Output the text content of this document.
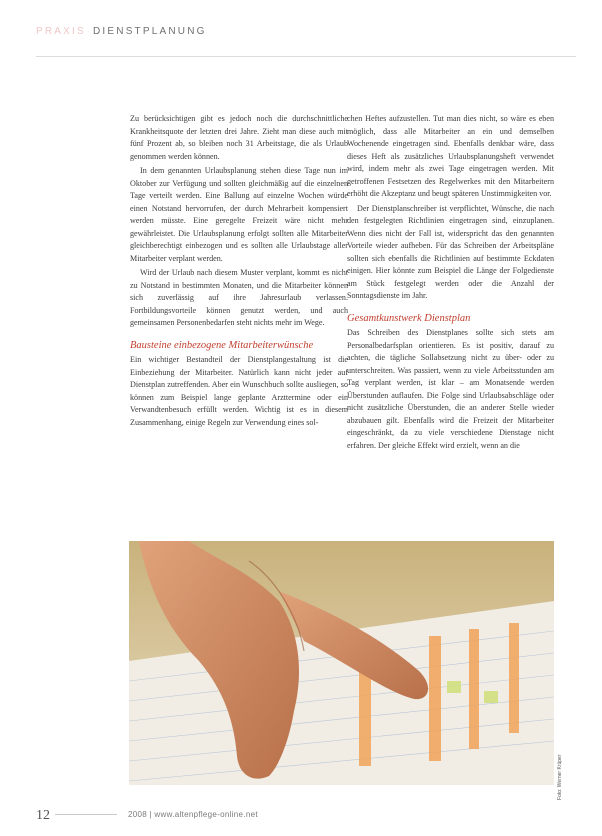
PRAXIS DIENSTPLANUNG

Zu berücksichtigen gibt es jedoch noch die durchschnittliche Krankheitsquote der letzten drei Jahre. Zieht man diese auch mit fünf Prozent ab, so bleiben noch 31 Arbeitstage, die als Urlaub genommen werden können.

In dem genannten Urlaubsplanung stehen diese Tage nun im Oktober zur Verfügung und sollten gleichmäßig auf die einzelnen Tage verteilt werden. Eine Ballung auf einzelne Wochen würde einen Notstand hervorrufen, der durch Mehrarbeit kompensiert werden müsste. Eine geregelte Freizeit wäre nicht mehr gewährleistet. Die Urlaubsplanung erfolgt sollten alle Mitarbeiter gleichberechtigt einbezogen und es sollten alle Urlaubstage aller Mitarbeiter verplant werden.

Wird der Urlaub nach diesem Muster verplant, kommt es nicht zu Notstand in bestimmten Monaten, und die Mitarbeiter können sich zuverlässig auf ihre Jahresurlaub verlassen. Fortbildungsvorteile können genutzt werden, und auch gemeinsamen Personenbedarfen steht nichts mehr im Wege.

Bausteine einbezogene Mitarbeiterwünsche

Ein wichtiger Bestandteil der Dienstplangestaltung ist die Einbeziehung der Mitarbeiter. Natürlich kann nicht jeder auf Dienstplan zutreffenden. Aber ein Wunschbuch sollte ausliegen, so können zum Beispiel lange geplante Arzttermine oder ein Verwandtenbesuch erfüllt werden. Wichtig ist es in diesem Zusammenhang, einige Regeln zur Verwendung eines sol-

chen Heftes aufzustellen. Tut man dies nicht, so wäre es eben möglich, dass alle Mitarbeiter an ein und demselben Wochenende eingetragen sind. Ebenfalls denkbar wäre, dass dieses Heft als zusätzliches Urlaubsplanungsheft verwendet wird, indem mehr als zwei Tage eingetragen werden. Mit getroffenen Festsetzen des Regelwerkes mit den Mitarbeitern erhöht die Akzeptanz und beugt späteren Unstimmigkeiten vor.

Der Dienstplanschreiber ist verpflichtet, Wünsche, die nach den festgelegten Richtlinien eingetragen sind, einzuplanen. Wenn dies nicht der Fall ist, widerspricht das den genannten Vorteile wieder aufheben. Für das Schreiben der Arbeitspläne sollten sich ebenfalls die Richtlinien auf bestimmte Eckdaten einigen. Hier könnte zum Beispiel die Länge der Folgedienste am Stück festgelegt werden oder die Anzahl der Sonntagsdienste im Jahr.

Gesamtkunstwerk Dienstplan

Das Schreiben des Dienstplanes sollte sich stets am Personalbedarfsplan orientieren. Es ist positiv, darauf zu achten, die tägliche Sollabsetzung nicht zu über- oder zu unterschreiten. Was passiert, wenn zu viele Arbeitsstunden am Tag verplant werden, ist klar – am Monatsende werden Überstunden auflaufen. Die Folge sind Urlaubsabschläge oder nicht zusätzliche Überstunden, die an anderer Stelle wieder abzubauen gilt. Ebenfalls wird die Freizeit der Mitarbeiter eingeschränkt, da zu viele verschiedene Dienstage nicht erfahren. Der gleiche Effekt wird erzielt, wenn an die

Foto: Werner Krüper
12	2008 | www.altenpflege-online.net
